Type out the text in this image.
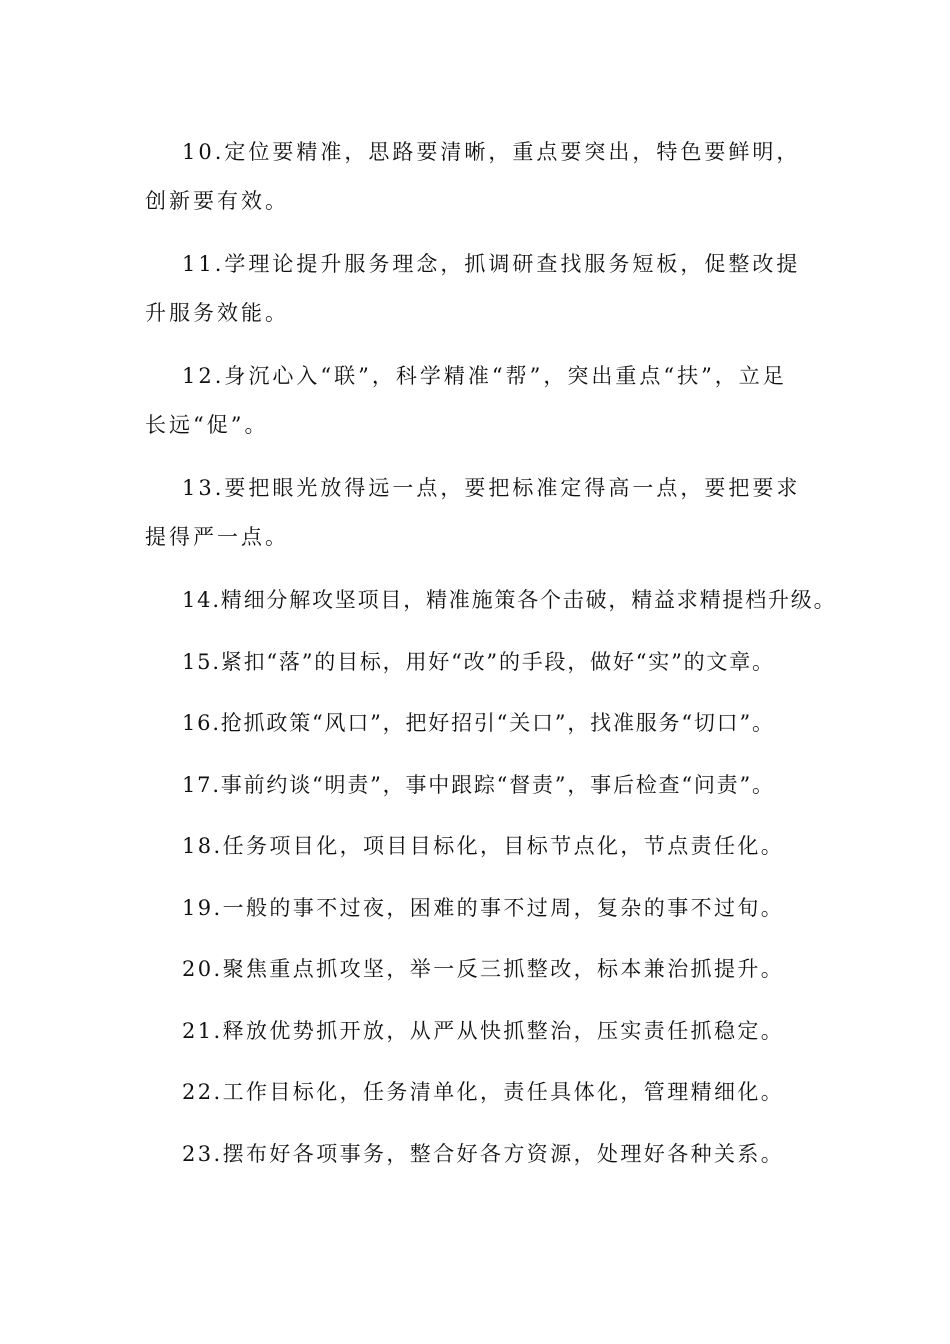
10.定位要精准，思路要清晰，重点要突出，特色要鲜明，创新要有效。

11.学理论提升服务理念，抓调研查找服务短板，促整改提升服务效能。

12.身沉心入“联”，科学精准“帮”，突出重点“扶”，立足长远“促”。

13.要把眼光放得远一点，要把标准定得高一点，要把要求提得严一点。

14.精细分解攻坚项目，精准施策各个击破，精益求精提档升级。

15.紧扣“落”的目标，用好“改”的手段，做好“实”的文章。

16.抢抓政策“风口”，把好招引“关口”，找准服务“切口”。

17.事前约谈“明责”，事中跟踪“督责”，事后检查“问责”。

18.任务项目化，项目目标化，目标节点化，节点责任化。

19.一般的事不过夜，困难的事不过周，复杂的事不过旬。

20.聚焦重点抓攻坚，举一反三抓整改，标本兼治抓提升。

21.释放优势抓开放，从严从快抓整治，压实责任抓稳定。

22.工作目标化，任务清单化，责任具体化，管理精细化。

23.摆布好各项事务，整合好各方资源，处理好各种关系。
